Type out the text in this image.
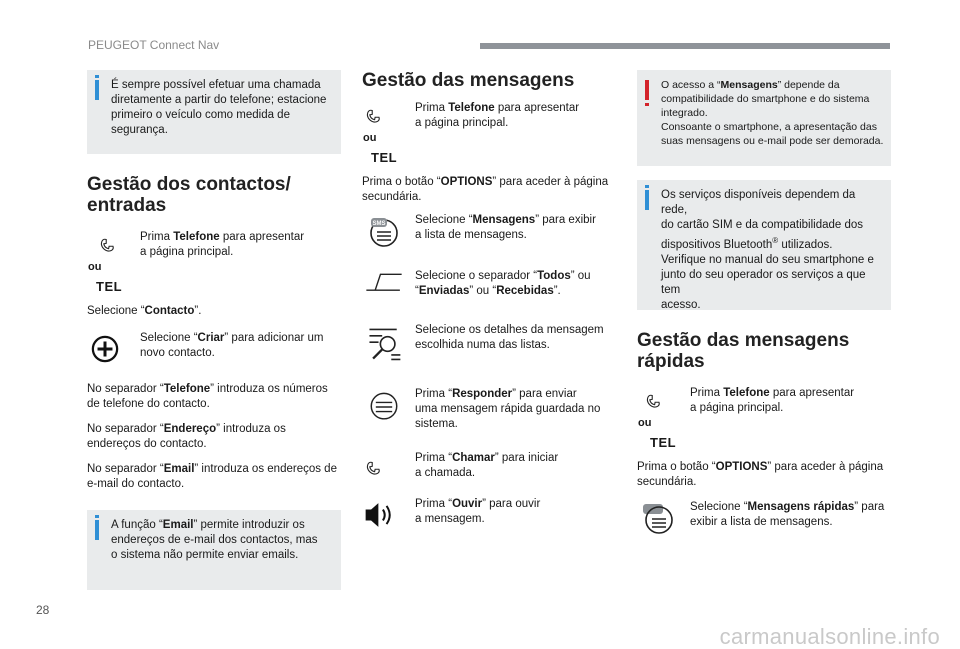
PEUGEOT Connect Nav
É sempre possível efetuar uma chamada
diretamente a partir do telefone; estacione
primeiro o veículo como medida de
segurança.
Gestão dos contactos/
entradas
Prima Telefone para apresentar
a página principal.
ou
TEL
Selecione “Contacto”.
Selecione “Criar” para adicionar um
novo contacto.
No separador “Telefone” introduza os números
de telefone do contacto.
No separador “Endereço” introduza os
endereços do contacto.
No separador “Email” introduza os endereços de
e-mail do contacto.
A função “Email” permite introduzir os
endereços de e-mail dos contactos, mas
o sistema não permite enviar emails.
Gestão das mensagens
Prima Telefone para apresentar
a página principal.
ou
TEL
Prima o botão “OPTIONS” para aceder à página
secundária.
SMS	Selecione “Mensagens” para exibir
a lista de mensagens.
Selecione o separador “Todos” ou
“Enviadas” ou “Recebidas”.
Selecione os detalhes da mensagem
escolhida numa das listas.
Prima “Responder” para enviar
uma mensagem rápida guardada no
sistema.
Prima “Chamar” para iniciar
a chamada.
Prima “Ouvir” para ouvir
a mensagem.
O acesso a “Mensagens” depende da
compatibilidade do smartphone e do sistema
integrado.
Consoante o smartphone, a apresentação das
suas mensagens ou e-mail pode ser demorada.
Os serviços disponíveis dependem da rede,
do cartão SIM e da compatibilidade dos
dispositivos Bluetooth® utilizados.
Verifique no manual do seu smartphone e
junto do seu operador os serviços a que tem
acesso.
Gestão das mensagens
rápidas
Prima Telefone para apresentar
a página principal.
ou
TEL
Prima o botão “OPTIONS” para aceder à página
secundária.
Selecione “Mensagens rápidas” para
exibir a lista de mensagens.
28
carmanualsonline.info
